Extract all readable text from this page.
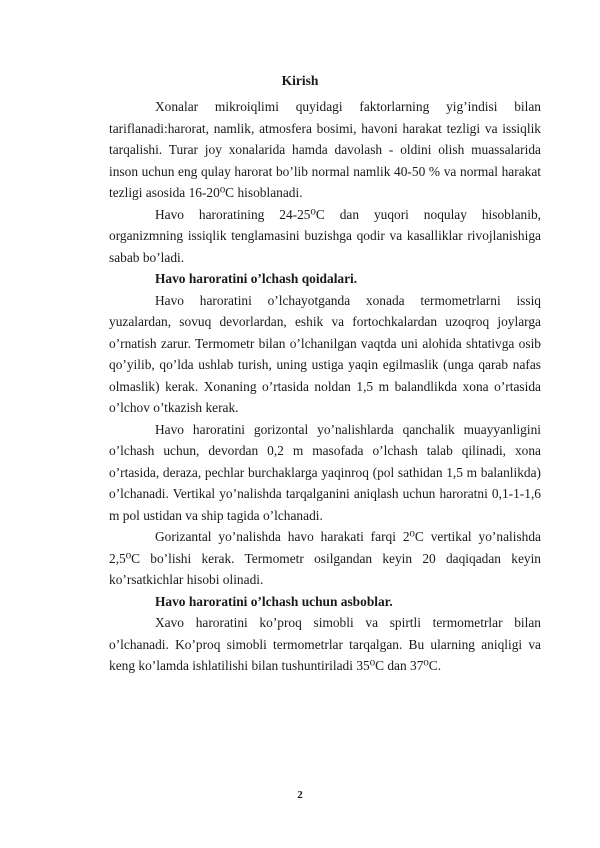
Kirish

Xonalar mikroiqlimi quyidagi faktorlarning yig’indisi bilan tariflanadi:harorat, namlik, atmosfera bosimi, havoni harakat tezligi va issiqlik tarqalishi. Turar joy xonalarida hamda davolash - oldini olish muassalarida inson uchun eng qulay harorat bo’lib normal namlik 40-50 % va normal harakat tezligi asosida 16-20⁰C hisoblanadi.

Havo haroratining 24-25⁰C dan yuqori noqulay hisoblanib, organizmning issiqlik tenglamasini buzishga qodir va kasalliklar rivojlanishiga sabab bo’ladi.

Havo haroratini o’lchash qoidalari.

Havo haroratini o’lchayotganda xonada termometrlarni issiq yuzalardan, sovuq devorlardan, eshik va fortochkalardan uzoqroq joylarga o’rnatish zarur. Termometr bilan o’lchanilgan vaqtda uni alohida shtativga osib qo’yilib, qo’lda ushlab turish, uning ustiga yaqin egilmaslik (unga qarab nafas olmaslik) kerak. Xonaning o’rtasida noldan 1,5 m balandlikda xona o’rtasida o’lchov o’tkazish kerak.

Havo haroratini gorizontal yo’nalishlarda qanchalik muayyanligini o’lchash uchun, devordan 0,2 m masofada o’lchash talab qilinadi, xona o’rtasida, deraza, pechlar burchaklarga yaqinroq (pol sathidan 1,5 m balanlikda) o’lchanadi. Vertikal yo’nalishda tarqalganini aniqlash uchun haroratni 0,1-1-1,6 m pol ustidan va ship tagida o’lchanadi.

Gorizantal yo’nalishda havo harakati farqi 2⁰C vertikal yo’nalishda 2,5⁰C bo’lishi kerak. Termometr osilgandan keyin 20 daqiqadan keyin ko’rsatkichlar hisobi olinadi.

Havo haroratini o’lchash uchun asboblar.

Xavo haroratini ko’proq simobli va spirtli termometrlar bilan o’lchanadi. Ko’proq simobli termometrlar tarqalgan. Bu ularning aniqligi va keng ko’lamda ishlatilishi bilan tushuntiriladi 35⁰C dan 37⁰C.

2
